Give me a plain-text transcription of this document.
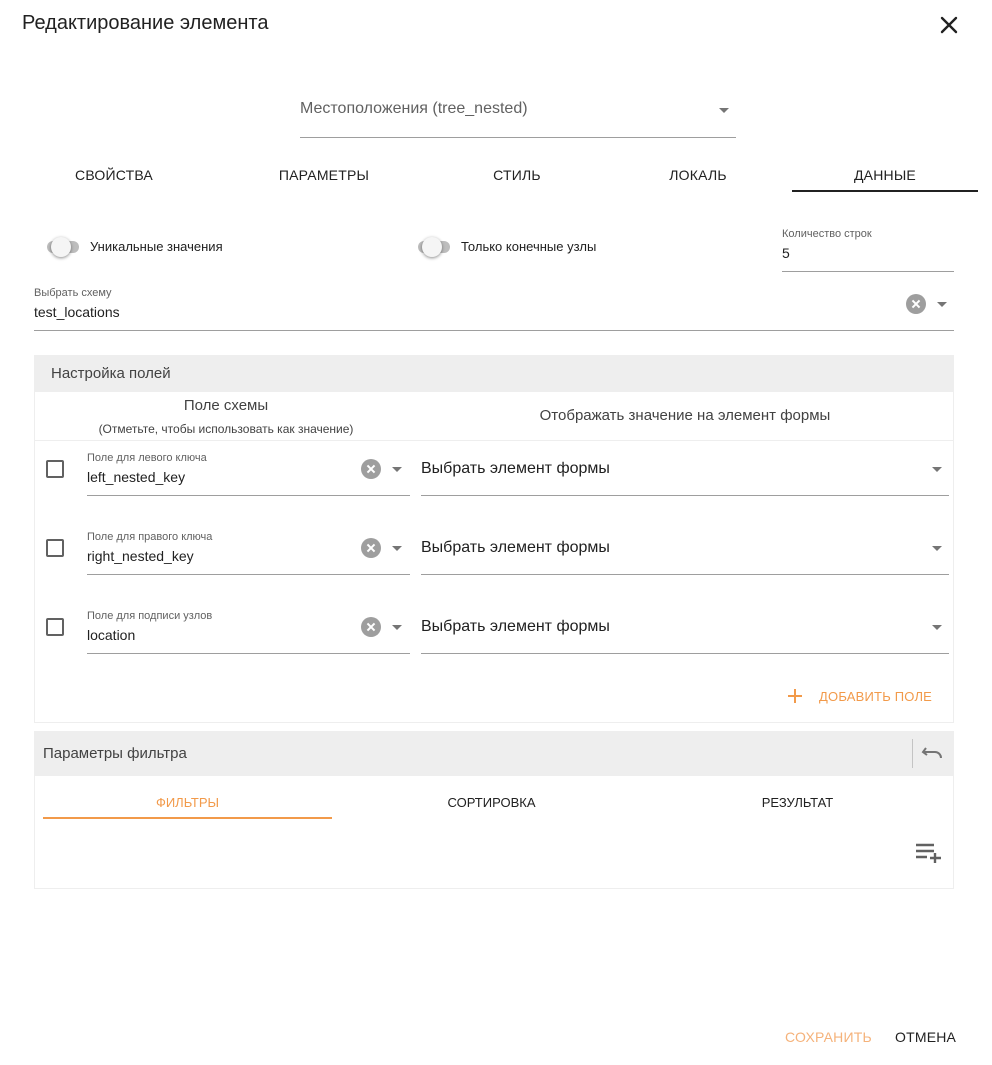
Редактирование элемента
Местоположения (tree_nested)
СВОЙСТВА	ПАРАМЕТРЫ	СТИЛЬ	ЛОКАЛЬ	ДАННЫЕ
Уникальные значения	Только конечные узлы
Количество строк
5
Выбрать схему
test_locations
Настройка полей
Поле схемы
(Отметьте, чтобы использовать как значение)
Отображать значение на элемент формы
Поле для левого ключа
left_nested_key	Выбрать элемент формы
Поле для правого ключа
right_nested_key	Выбрать элемент формы
Поле для подписи узлов
location	Выбрать элемент формы
ДОБАВИТЬ ПОЛЕ
Параметры фильтра
ФИЛЬТРЫ	СОРТИРОВКА	РЕЗУЛЬТАТ
СОХРАНИТЬ ОТМЕНА
